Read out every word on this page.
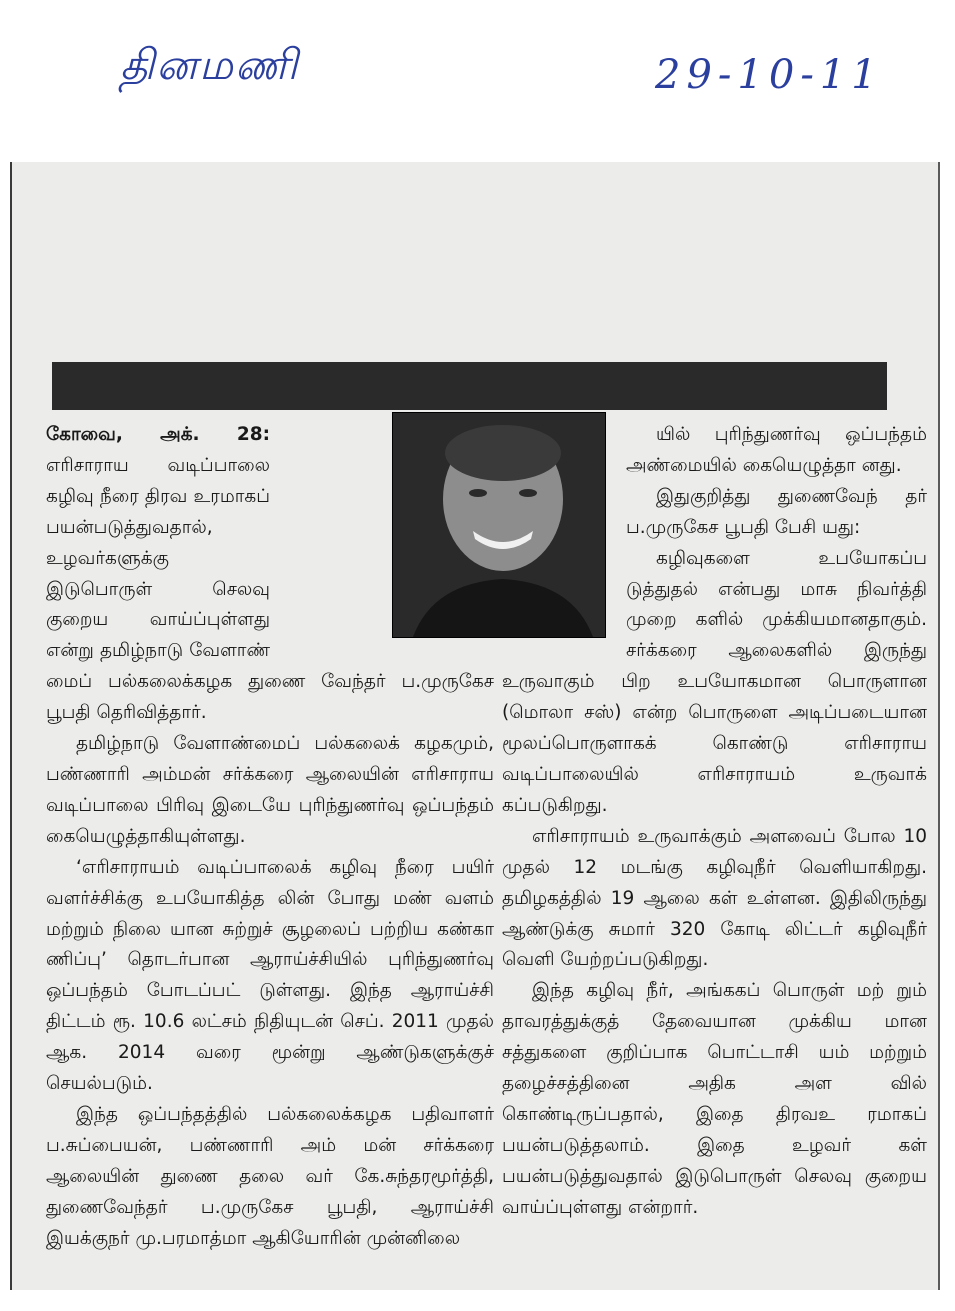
தினமணி	29-10-11

கோவை, அக். 28: எரிசாராய வடிப்பாலை கழிவு நீரை திரவ உரமாகப் பயன்படுத்துவதால், உழவர்களுக்கு இடுபொருள் செலவு குறைய வாய்ப்புள்ளது என்று தமிழ்நாடு வேளாண் மைப் பல்கலைக்கழக துணை வேந்தர் ப.முருகேச பூபதி தெரிவித்தார்.

தமிழ்நாடு வேளாண்மைப் பல்கலைக் கழகமும், பண்ணாரி அம்மன் சர்க்கரை ஆலையின் எரிசாராய வடிப்பாலை பிரிவு இடையே புரிந்துணர்வு ஒப்பந்தம் கையெழுத்தாகியுள்ளது.

‘எரிசாராயம் வடிப்பாலைக் கழிவு நீரை பயிர் வளர்ச்சிக்கு உபயோகித்த லின் போது மண் வளம் மற்றும் நிலை யான சுற்றுச் சூழலைப் பற்றிய கண்கா ணிப்பு’ தொடர்பான ஆராய்ச்சியில் புரிந்துணர்வு ஒப்பந்தம் போடப்பட் டுள்ளது. இந்த ஆராய்ச்சி திட்டம் ரூ. 10.6 லட்சம் நிதியுடன் செப். 2011 முதல் ஆக. 2014 வரை மூன்று ஆண்டுகளுக்குச் செயல்படும்.

இந்த ஒப்பந்தத்தில் பல்கலைக்கழக பதிவாளர் ப.சுப்பையன், பண்ணாரி அம் மன் சர்க்கரை ஆலையின் துணை தலை வர் கே.சுந்தரமூர்த்தி, துணைவேந்தர் ப.முருகேச பூபதி, ஆராய்ச்சி இயக்குநர் மு.பரமாத்மா ஆகியோரின் முன்னிலை

யில் புரிந்துணர்வு ஒப்பந்தம் அண்மையில் கையெழுத்தா னது.

இதுகுறித்து துணைவேந் தர் ப.முருகேச பூபதி பேசி யது:

கழிவுகளை உபயோகப்ப டுத்துதல் என்பது மாசு நிவர்த்தி முறை களில் முக்கியமானதாகும். சர்க்கரை ஆலைகளில் இருந்து உருவாகும் பிற உபயோகமான பொருளான (மொலா சஸ்) என்ற பொருளை அடிப்படையான மூலப்பொருளாகக் கொண்டு எரிசாராய வடிப்பாலையில் எரிசாராயம் உருவாக் கப்படுகிறது.

எரிசாராயம் உருவாக்கும் அளவைப் போல 10 முதல் 12 மடங்கு கழிவுநீர் வெளியாகிறது. தமிழகத்தில் 19 ஆலை கள் உள்ளன. இதிலிருந்து ஆண்டுக்கு சுமார் 320 கோடி லிட்டர் கழிவுநீர் வெளி யேற்றப்படுகிறது.

இந்த கழிவு நீர், அங்ககப் பொருள் மற் றும் தாவரத்துக்குத் தேவையான முக்கிய மான சத்துகளை குறிப்பாக பொட்டாசி யம் மற்றும் தழைச்சத்தினை அதிக அள வில் கொண்டிருப்பதால், இதை திரவஉ ரமாகப் பயன்படுத்தலாம். இதை உழவர் கள் பயன்படுத்துவதால் இடுபொருள் செலவு குறைய வாய்ப்புள்ளது என்றார்.
